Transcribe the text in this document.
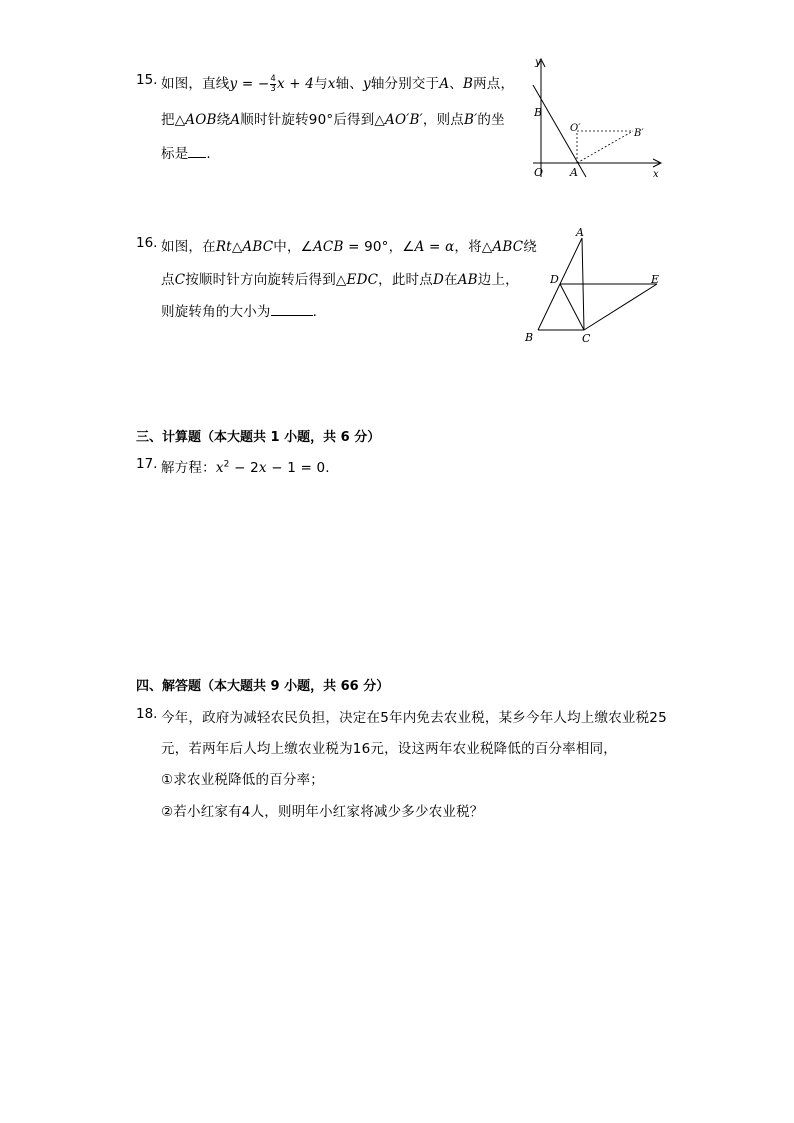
15. 如图，直线y = − $\frac{4}{3}$ x + 4与x轴、y轴分别交于A、B两点，
把△AOB绕A顺时针旋转90°后得到△AO′B′，则点B′的坐
标是 .
y
x
B
O′	B′
O A
16. 如图，在Rt△ABC中，∠ACB = 90°，∠A = α，将△ABC绕
点C按顺时针方向旋转后得到△EDC，此时点D在AB边上，
则旋转角的大小为	.
A
D	E
B	C
三、计算题（本大题共 1 小题，共 6 分）
17. 解方程：$x^2 - 2x - 1 = 0$.
四、解答题（本大题共 9 小题，共 66 分）
18. 今年，政府为减轻农民负担，决定在5年内免去农业税，某乡今年人均上缴农业税25
元，若两年后人均上缴农业税为16元，设这两年农业税降低的百分率相同，
①求农业税降低的百分率；
②若小红家有4人，则明年小红家将减少多少农业税？
